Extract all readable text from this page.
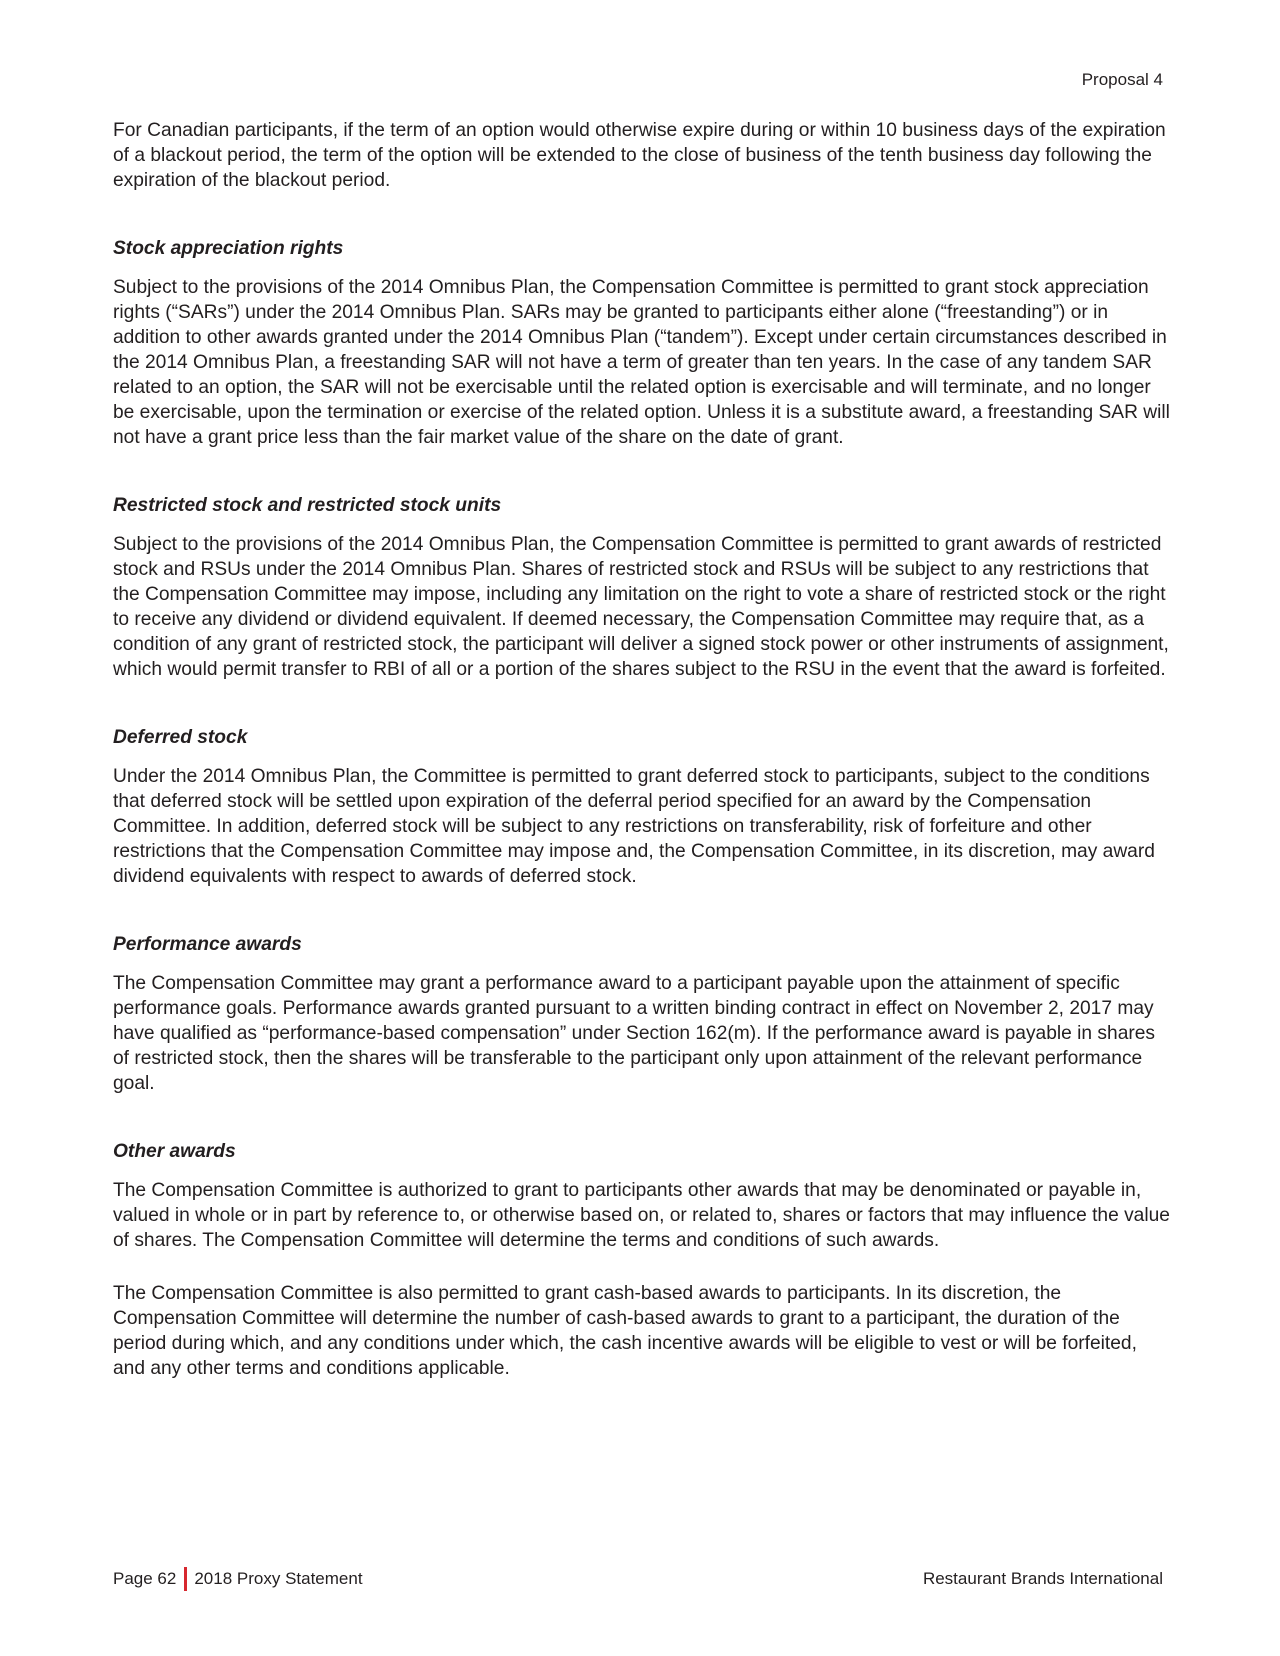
Proposal 4

For Canadian participants, if the term of an option would otherwise expire during or within 10 business days of the expiration of a blackout period, the term of the option will be extended to the close of business of the tenth business day following the expiration of the blackout period.

Stock appreciation rights

Subject to the provisions of the 2014 Omnibus Plan, the Compensation Committee is permitted to grant stock appreciation rights (“SARs”) under the 2014 Omnibus Plan. SARs may be granted to participants either alone (“freestanding”) or in addition to other awards granted under the 2014 Omnibus Plan (“tandem”). Except under certain circumstances described in the 2014 Omnibus Plan, a freestanding SAR will not have a term of greater than ten years. In the case of any tandem SAR related to an option, the SAR will not be exercisable until the related option is exercisable and will terminate, and no longer be exercisable, upon the termination or exercise of the related option. Unless it is a substitute award, a freestanding SAR will not have a grant price less than the fair market value of the share on the date of grant.

Restricted stock and restricted stock units

Subject to the provisions of the 2014 Omnibus Plan, the Compensation Committee is permitted to grant awards of restricted stock and RSUs under the 2014 Omnibus Plan. Shares of restricted stock and RSUs will be subject to any restrictions that the Compensation Committee may impose, including any limitation on the right to vote a share of restricted stock or the right to receive any dividend or dividend equivalent. If deemed necessary, the Compensation Committee may require that, as a condition of any grant of restricted stock, the participant will deliver a signed stock power or other instruments of assignment, which would permit transfer to RBI of all or a portion of the shares subject to the RSU in the event that the award is forfeited.

Deferred stock

Under the 2014 Omnibus Plan, the Committee is permitted to grant deferred stock to participants, subject to the conditions that deferred stock will be settled upon expiration of the deferral period specified for an award by the Compensation Committee. In addition, deferred stock will be subject to any restrictions on transferability, risk of forfeiture and other restrictions that the Compensation Committee may impose and, the Compensation Committee, in its discretion, may award dividend equivalents with respect to awards of deferred stock.

Performance awards

The Compensation Committee may grant a performance award to a participant payable upon the attainment of specific performance goals. Performance awards granted pursuant to a written binding contract in effect on November 2, 2017 may have qualified as “performance-based compensation” under Section 162(m). If the performance award is payable in shares of restricted stock, then the shares will be transferable to the participant only upon attainment of the relevant performance goal.

Other awards

The Compensation Committee is authorized to grant to participants other awards that may be denominated or payable in, valued in whole or in part by reference to, or otherwise based on, or related to, shares or factors that may influence the value of shares. The Compensation Committee will determine the terms and conditions of such awards.

The Compensation Committee is also permitted to grant cash-based awards to participants. In its discretion, the Compensation Committee will determine the number of cash-based awards to grant to a participant, the duration of the period during which, and any conditions under which, the cash incentive awards will be eligible to vest or will be forfeited, and any other terms and conditions applicable.

Page 62 2018 Proxy Statement	Restaurant Brands International
